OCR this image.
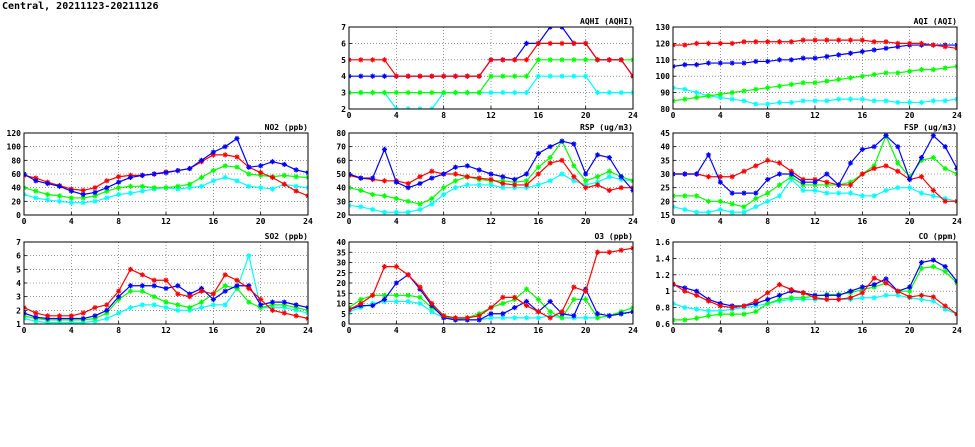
Central, 20211123-20211126
AQHI (AQHI)
0	4	8	12	16	20	24
2
3
4
5
6
7
AQI (AQI)
0	4	8	12	16	20	24
80
90
100
110
120
130
NO2 (ppb)
0	4	8	12	16	20	24
0
20
40
60
80
100
120
RSP (ug/m3)
0	4	8	12	16	20	24
20
30
40
50
60
70
80
FSP (ug/m3)
0	4	8	12	16	20	24
15
20
25
30
35
40
45
SO2 (ppb)
0	4	8	12	16	20	24
1
2
3
4
5
6
7
O3 (ppb)
0	4	8	12	16	20	24
0
5
10
15
20
25
30
35
40
CO (ppm)
0	4	8	12	16	20	24
0.6
0.8
1
1.2
1.4
1.6
